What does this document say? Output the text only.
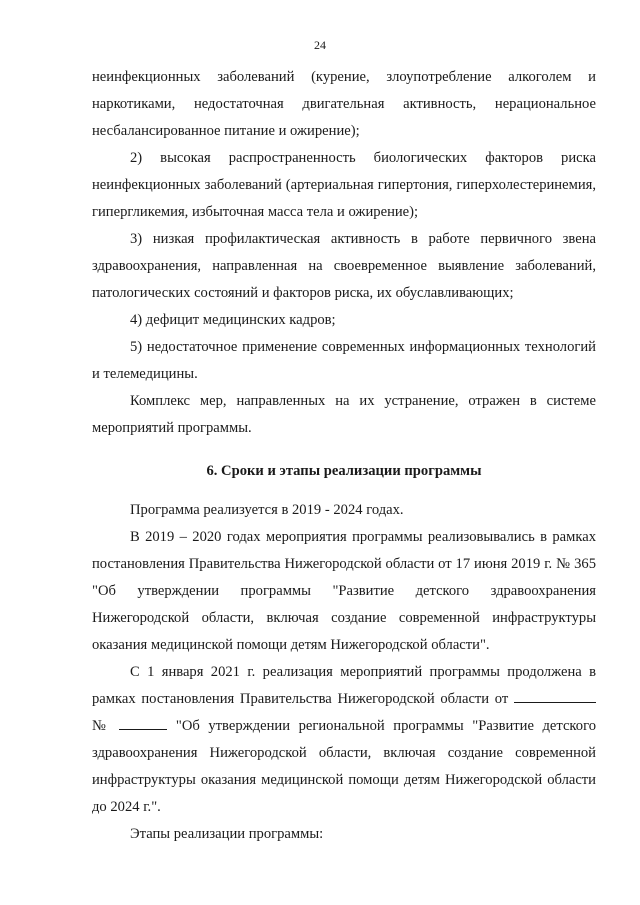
24

неинфекционных заболеваний (курение, злоупотребление алкоголем и наркотиками, недостаточная двигательная активность, нерациональное несбалансированное питание и ожирение);

2) высокая распространенность биологических факторов риска неинфекционных заболеваний (артериальная гипертония, гиперхолестеринемия, гипергликемия, избыточная масса тела и ожирение);

3) низкая профилактическая активность в работе первичного звена здравоохранения, направленная на своевременное выявление заболеваний, патологических состояний и факторов риска, их обуславливающих;

4) дефицит медицинских кадров;

5) недостаточное применение современных информационных технологий и телемедицины.

Комплекс мер, направленных на их устранение, отражен в системе мероприятий программы.

6. Сроки и этапы реализации программы

Программа реализуется в 2019 - 2024 годах.

В 2019 – 2020 годах мероприятия программы реализовывались в рамках постановления Правительства Нижегородской области от 17 июня 2019 г. № 365 "Об утверждении программы "Развитие детского здравоохранения Нижегородской области, включая создание современной инфраструктуры оказания медицинской помощи детям Нижегородской области".

С 1 января 2021 г. реализация мероприятий программы продолжена в рамках постановления Правительства Нижегородской области от  №	"Об утверждении региональной программы "Развитие детского здравоохранения Нижегородской области, включая создание современной инфраструктуры оказания медицинской помощи детям Нижегородской области до 2024 г.".

Этапы реализации программы:
